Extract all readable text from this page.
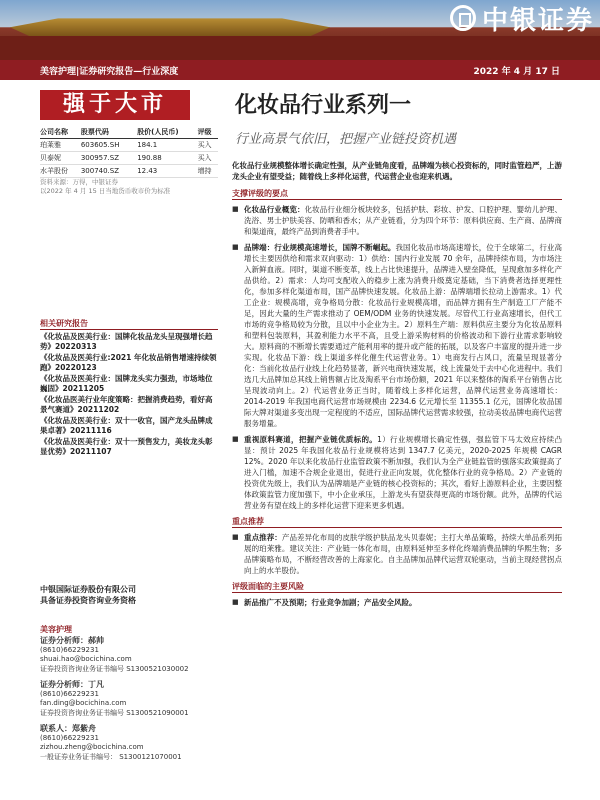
中银证券
美容护理|证券研究报告—行业深度	2022 年 4 月 17 日
强于大市	化妆品行业系列一
行业高景气依旧，把握产业链投资机遇
公司名称	股票代码	股价(人民币)	评级
珀莱雅	603605.SH	184.1	买入
贝泰妮	300957.SZ	190.88	买入
水羊股份	300740.SZ	12.43	增持
资料来源：万得，中银证券
以2022 年 4 月 15 日当地货币收市价为标准
相关研究报告
《化妆品及医美行业：国牌化妆品龙头呈现强增长趋势》20220313
《化妆品及医美行业:2021 年化妆品销售增速持续领跑》20220123
《化妆品及医美行业：国牌龙头实力强劲，市场地位巍固》20211205
《化妆品医美行业年度策略：把握消费趋势，看好高景气赛道》20211202
《化妆品及医美行业：双十一收官，国产龙头品牌成果卓著》20211116
《化妆品及医美行业：双十一预售发力，美妆龙头彰显优势》20211107
中银国际证券股份有限公司
具备证券投资咨询业务资格
美容护理
证券分析师：郝帅
(8610)66229231
shuai.hao@bocichina.com
证券投资咨询业务证书编号 S1300521030002
证券分析师：丁凡
(8610)66229231
fan.ding@bocichina.com
证券投资咨询业务证书编号 S1300521090001
联系人：郑紫舟
(8610)66229231
zizhou.zheng@bocichina.com
一般证券业务证书编号： S1300121070001
化妆品行业规模整体增长确定性强，从产业链角度看，品牌端为核心投资标的，同时监管趋严，上游龙头企业有望受益；随着线上多样化运营，代运营企业也迎来机遇。
支撑评级的要点
■ 化妆品行业概览：化妆品行业细分板块较多，包括护肤、彩妆、护发、口腔护理、婴幼儿护理、洗浴、男士护肤美容、防晒和香水；从产业链看，分为四个环节：原料供应商、生产商、品牌商和渠道商，最终产品到消费者手中。
■ 品牌端：行业规模高速增长，国牌不断崛起。我国化妆品市场高速增长，位于全球第二，行业高增长主要因供给和需求双向驱动：1）供给：国内行业发展 70 余年，品牌持续布局，为市场注入新鲜血液。同时，渠道不断变革，线上占比快速提升，品牌进入壁垒降低，呈现愈加多样化产品供给。2）需求：人均可支配收入的稳步上涨为消费升级奠定基础，当下消费者选择更理性化，参加多样化渠道布局，国产品牌快速发展。化妆品上游：品牌端增长拉动上游需求。1）代工企业：规模高增，竞争格局分散：化妆品行业规模高增，而品牌方拥有生产制造工厂产能不足，因此大量的生产需求推动了 OEM/ODM 业务的快速发展。尽管代工行业高速增长，但代工市场的竞争格局较为分散，且以中小企业为主。2）原料生产端：原料供应主要分为化妆品原料和塑料包装原料，其盈利能力水平不高，且受上游采购材料的价格波动和下游行业需求影响较大。原料商的不断增长需要通过产能利用率的提升或产能的拓展，以及客户丰富度的提升进一步实现。化妆品下游：线上渠道多样化催生代运营业务。1）电商发行占风口，流量呈现显著分化：当前化妆品行业线上化趋势显著，新兴电商快速发展，线上流量处于去中心化进程中。我们选几大品牌加总其线上销售额占比及淘系平台市场份额，2021 年以来整体的淘系平台销售占比呈现波动向上。2）代运营业务正当时，随着线上多样化运营，品牌代运营业务高速增长：2014-2019 年我国电商代运营市场规模由 2234.6 亿元增长至 11355.1 亿元，国牌化妆品国际大牌对渠道多变出现一定程度的不适应，国际品牌代运营需求较强，拉动美妆品牌电商代运营服务增量。
■ 重视原料赛道，把握产业链优质标的。1）行业规模增长确定性强，强监管下马太效应持续凸显：预计 2025 年我国化妆品行业规模将达到 1347.7 亿美元，2020-2025 年规模 CAGR 12%。2020 年以来化妆品行业监管政策不断加强，我们认为全产业链监管的强落实政策提高了进入门槛，加速不合规企业退出，促进行业正向发展，优化整体行业的竞争格局。2）产业链的投资优先级上，我们认为品牌端是产业链的核心投资标的；其次，看好上游原料企业，主要因整体政策监管力度加强下，中小企业承压，上游龙头有望获得更高的市场份额。此外，品牌的代运营业务有望在线上的多样化运营下迎来更多机遇。
重点推荐
■ 重点推荐：产品差异化布局的皮肤学级护肤品龙头贝泰妮；主打大单品策略，持续大单品系列拓展的珀莱雅。建议关注：产业链一体化布局，由原料延伸至多样化终端消费品牌的华熙生物；多品牌策略布局，不断经营改善的上海家化。自主品牌加品牌代运营双轮驱动，当前主现经营拐点向上的水羊股份。
评级面临的主要风险
■ 新品推广不及预期；行业竞争加剧；产品安全风险。
